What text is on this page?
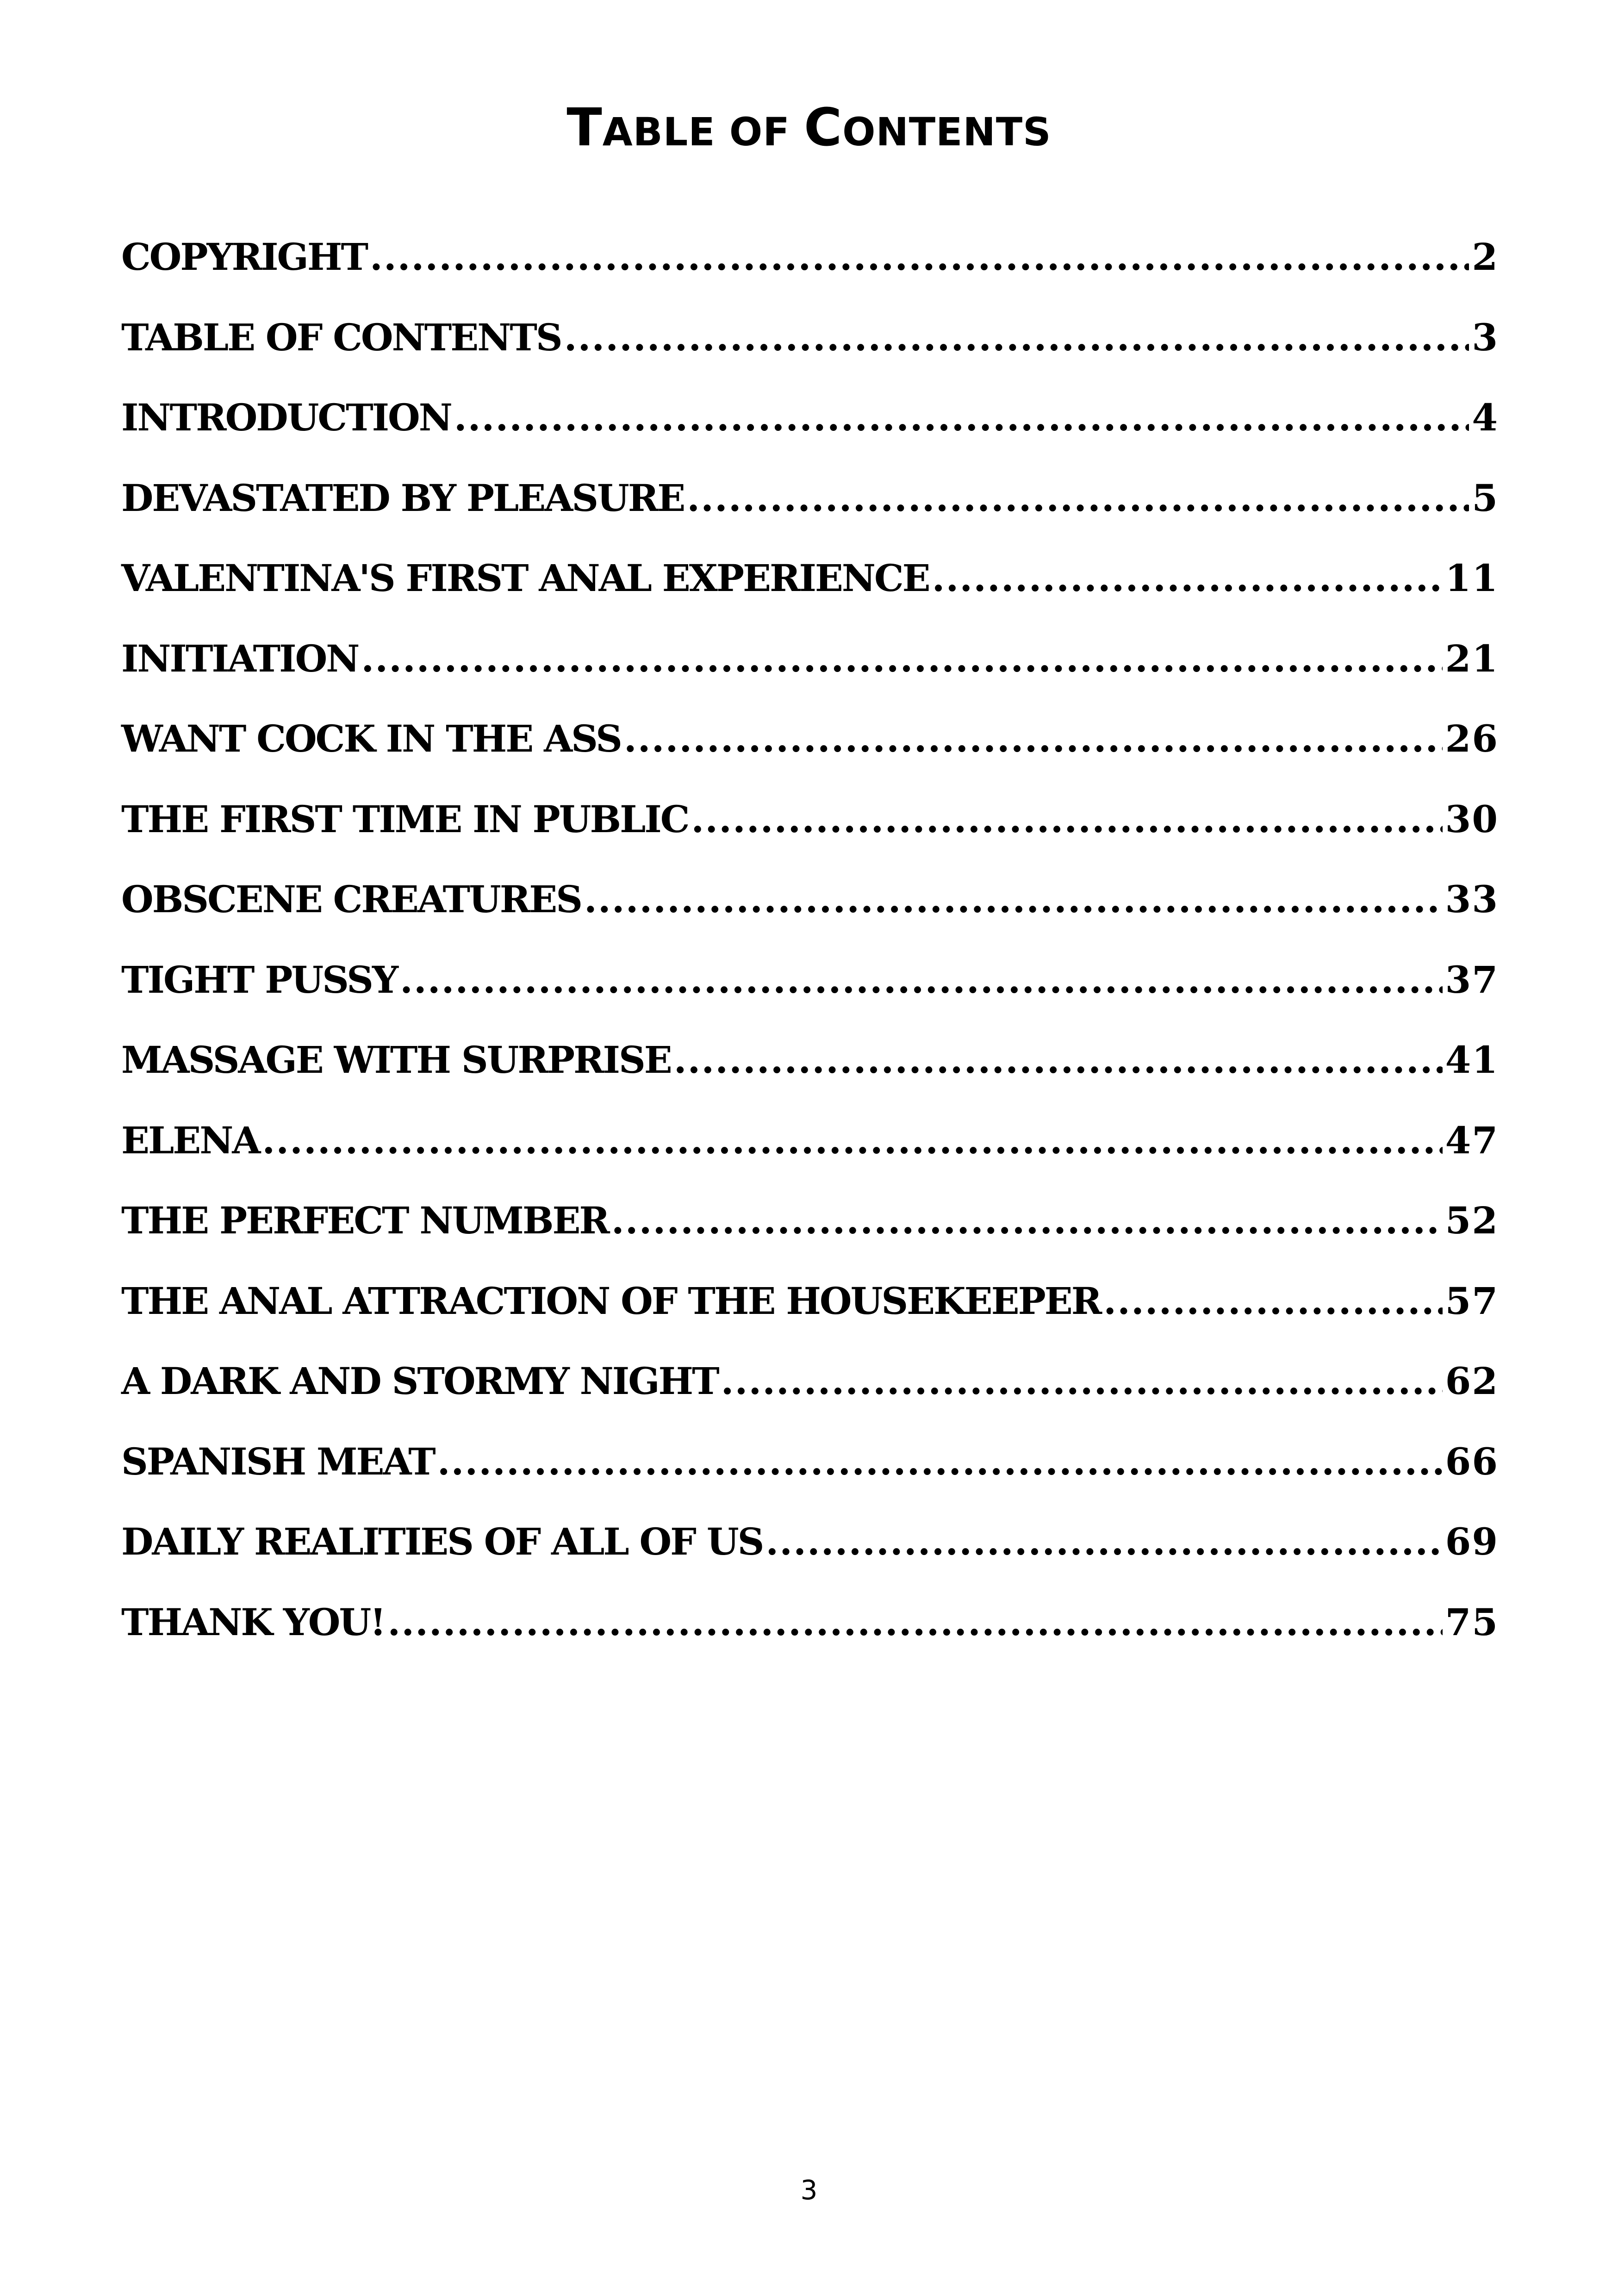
TABLE OF CONTENTS
COPYRIGHT .....	2
TABLE OF CONTENTS .....	3
INTRODUCTION .....	4
DEVASTATED BY PLEASURE .....	5
VALENTINA'S FIRST ANAL EXPERIENCE .....	11
INITIATION .....	21
WANT COCK IN THE ASS .....	26
THE FIRST TIME IN PUBLIC .....	30
OBSCENE CREATURES .....	33
TIGHT PUSSY .....	37
MASSAGE WITH SURPRISE .....	41
ELENA .....	47
THE PERFECT NUMBER .....	52
THE ANAL ATTRACTION OF THE HOUSEKEEPER .....	57
A DARK AND STORMY NIGHT .....	62
SPANISH MEAT .....	66
DAILY REALITIES OF ALL OF US .....	69
THANK YOU! .....	75
3
